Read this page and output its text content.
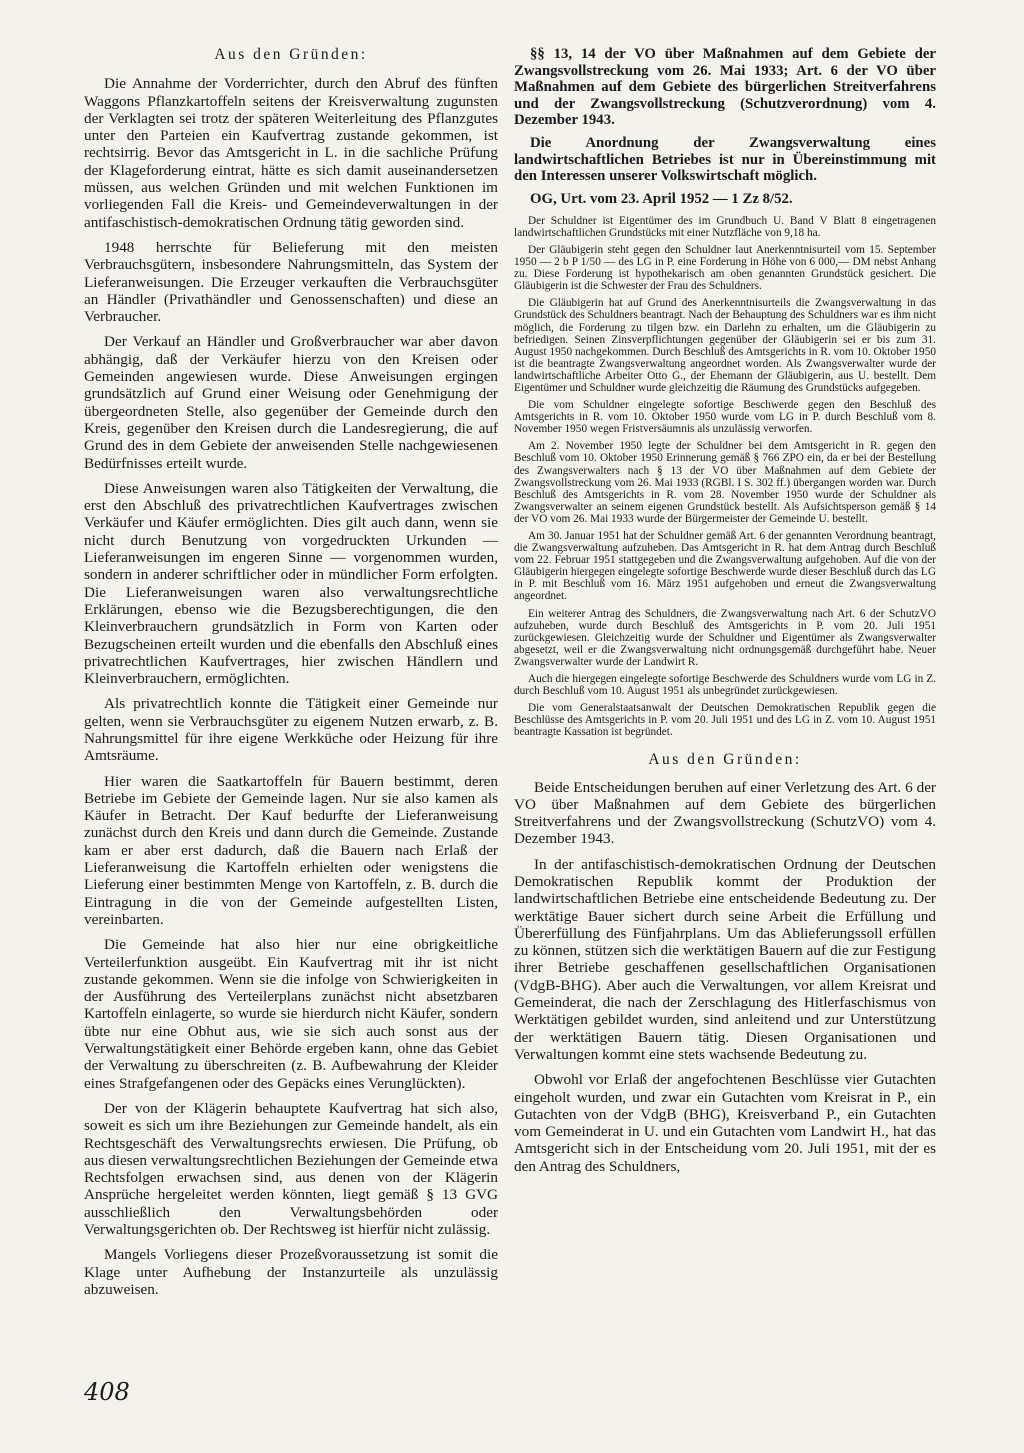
Aus den Gründen:
Die Annahme der Vorderrichter, durch den Abruf des fünften Waggons Pflanzkartoffeln seitens der Kreisverwaltung zugunsten der Verklagten sei trotz der späteren Weiterleitung des Pflanzgutes unter den Parteien ein Kaufvertrag zustande gekommen, ist rechtsirrig. Bevor das Amtsgericht in L. in die sachliche Prüfung der Klageforderung eintrat, hätte es sich damit auseinandersetzen müssen, aus welchen Gründen und mit welchen Funktionen im vorliegenden Fall die Kreis- und Gemeindeverwaltungen in der antifaschistisch-demokratischen Ordnung tätig geworden sind.
1948 herrschte für Belieferung mit den meisten Verbrauchsgütern, insbesondere Nahrungsmitteln, das System der Lieferanweisungen. Die Erzeuger verkauften die Verbrauchsgüter an Händler (Privathändler und Genossenschaften) und diese an Verbraucher.
Der Verkauf an Händler und Großverbraucher war aber davon abhängig, daß der Verkäufer hierzu von den Kreisen oder Gemeinden angewiesen wurde. Diese Anweisungen ergingen grundsätzlich auf Grund einer Weisung oder Genehmigung der übergeordneten Stelle, also gegenüber der Gemeinde durch den Kreis, gegenüber den Kreisen durch die Landesregierung, die auf Grund des in dem Gebiete der anweisenden Stelle nachgewiesenen Bedürfnisses erteilt wurde.
Diese Anweisungen waren also Tätigkeiten der Verwaltung, die erst den Abschluß des privatrechtlichen Kaufvertrages zwischen Verkäufer und Käufer ermöglichten. Dies gilt auch dann, wenn sie nicht durch Benutzung von vorgedruckten Urkunden — Lieferanweisungen im engeren Sinne — vorgenommen wurden, sondern in anderer schriftlicher oder in mündlicher Form erfolgten. Die Lieferanweisungen waren also verwaltungsrechtliche Erklärungen, ebenso wie die Bezugsberechtigungen, die den Kleinverbrauchern grundsätzlich in Form von Karten oder Bezugscheinen erteilt wurden und die ebenfalls den Abschluß eines privatrechtlichen Kaufvertrages, hier zwischen Händlern und Kleinverbrauchern, ermöglichten.
Als privatrechtlich konnte die Tätigkeit einer Gemeinde nur gelten, wenn sie Verbrauchsgüter zu eigenem Nutzen erwarb, z. B. Nahrungsmittel für ihre eigene Werkküche oder Heizung für ihre Amtsräume.
Hier waren die Saatkartoffeln für Bauern bestimmt, deren Betriebe im Gebiete der Gemeinde lagen. Nur sie also kamen als Käufer in Betracht. Der Kauf bedurfte der Lieferanweisung zunächst durch den Kreis und dann durch die Gemeinde. Zustande kam er aber erst dadurch, daß die Bauern nach Erlaß der Lieferanweisung die Kartoffeln erhielten oder wenigstens die Lieferung einer bestimmten Menge von Kartoffeln, z. B. durch die Eintragung in die von der Gemeinde aufgestellten Listen, vereinbarten.
Die Gemeinde hat also hier nur eine obrigkeitliche Verteilerfunktion ausgeübt. Ein Kaufvertrag mit ihr ist nicht zustande gekommen. Wenn sie die infolge von Schwierigkeiten in der Ausführung des Verteilerplans zunächst nicht absetzbaren Kartoffeln einlagerte, so wurde sie hierdurch nicht Käufer, sondern übte nur eine Obhut aus, wie sie sich auch sonst aus der Verwaltungstätigkeit einer Behörde ergeben kann, ohne das Gebiet der Verwaltung zu überschreiten (z. B. Aufbewahrung der Kleider eines Strafgefangenen oder des Gepäcks eines Verunglückten).
Der von der Klägerin behauptete Kaufvertrag hat sich also, soweit es sich um ihre Beziehungen zur Gemeinde handelt, als ein Rechtsgeschäft des Verwaltungsrechts erwiesen. Die Prüfung, ob aus diesen verwaltungsrechtlichen Beziehungen der Gemeinde etwa Rechtsfolgen erwachsen sind, aus denen von der Klägerin Ansprüche hergeleitet werden könnten, liegt gemäß § 13 GVG ausschließlich den Verwaltungsbehörden oder Verwaltungsgerichten ob. Der Rechtsweg ist hierfür nicht zulässig.
Mangels Vorliegens dieser Prozeßvoraussetzung ist somit die Klage unter Aufhebung der Instanzurteile als unzulässig abzuweisen.
§§ 13, 14 der VO über Maßnahmen auf dem Gebiete der Zwangsvollstreckung vom 26. Mai 1933; Art. 6 der VO über Maßnahmen auf dem Gebiete des bürgerlichen Streitverfahrens und der Zwangsvollstreckung (Schutzverordnung) vom 4. Dezember 1943.
Die Anordnung der Zwangsverwaltung eines landwirtschaftlichen Betriebes ist nur in Übereinstimmung mit den Interessen unserer Volkswirtschaft möglich.
OG, Urt. vom 23. April 1952 — 1 Zz 8/52.
Der Schuldner ist Eigentümer des im Grundbuch U. Band V Blatt 8 eingetragenen landwirtschaftlichen Grundstücks mit einer Nutzfläche von 9,18 ha.
Der Gläubigerin steht gegen den Schuldner laut Anerkenntnisurteil vom 15. September 1950 — 2 b P 1/50 — des LG in P. eine Forderung in Höhe von 6 000,— DM nebst Anhang zu. Diese Forderung ist hypothekarisch am oben genannten Grundstück gesichert. Die Gläubigerin ist die Schwester der Frau des Schuldners.
Die Gläubigerin hat auf Grund des Anerkenntnisurteils die Zwangsverwaltung in das Grundstück des Schuldners beantragt. Nach der Behauptung des Schuldners war es ihm nicht möglich, die Forderung zu tilgen bzw. ein Darlehn zu erhalten, um die Gläubigerin zu befriedigen. Seinen Zinsverpflichtungen gegenüber der Gläubigerin sei er bis zum 31. August 1950 nachgekommen. Durch Beschluß des Amtsgerichts in R. vom 10. Oktober 1950 ist die beantragte Zwangsverwaltung angeordnet worden. Als Zwangsverwalter wurde der landwirtschaftliche Arbeiter Otto G., der Ehemann der Gläubigerin, aus U. bestellt. Dem Eigentümer und Schuldner wurde gleichzeitig die Räumung des Grundstücks aufgegeben.
Die vom Schuldner eingelegte sofortige Beschwerde gegen den Beschluß des Amtsgerichts in R. vom 10. Oktober 1950 wurde vom LG in P. durch Beschluß vom 8. November 1950 wegen Fristversäumnis als unzulässig verworfen.
Am 2. November 1950 legte der Schuldner bei dem Amtsgericht in R. gegen den Beschluß vom 10. Oktober 1950 Erinnerung gemäß § 766 ZPO ein, da er bei der Bestellung des Zwangsverwalters nach § 13 der VO über Maßnahmen auf dem Gebiete der Zwangsvollstreckung vom 26. Mai 1933 (RGBl. I S. 302 ff.) übergangen worden war. Durch Beschluß des Amtsgerichts in R. vom 28. November 1950 wurde der Schuldner als Zwangsverwalter an seinem eigenen Grundstück bestellt. Als Aufsichtsperson gemäß § 14 der VO vom 26. Mai 1933 wurde der Bürgermeister der Gemeinde U. bestellt.
Am 30. Januar 1951 hat der Schuldner gemäß Art. 6 der genannten Verordnung beantragt, die Zwangsverwaltung aufzuheben. Das Amtsgericht in R. hat dem Antrag durch Beschluß vom 22. Februar 1951 stattgegeben und die Zwangsverwaltung aufgehoben. Auf die von der Gläubigerin hiergegen eingelegte sofortige Beschwerde wurde dieser Beschluß durch das LG in P. mit Beschluß vom 16. März 1951 aufgehoben und erneut die Zwangsverwaltung angeordnet.
Ein weiterer Antrag des Schuldners, die Zwangsverwaltung nach Art. 6 der SchutzVO aufzuheben, wurde durch Beschluß des Amtsgerichts in P. vom 20. Juli 1951 zurückgewiesen. Gleichzeitig wurde der Schuldner und Eigentümer als Zwangsverwalter abgesetzt, weil er die Zwangsverwaltung nicht ordnungsgemäß durchgeführt habe. Neuer Zwangsverwalter wurde der Landwirt R.
Auch die hiergegen eingelegte sofortige Beschwerde des Schuldners wurde vom LG in Z. durch Beschluß vom 10. August 1951 als unbegründet zurückgewiesen.
Die vom Generalstaatsanwalt der Deutschen Demokratischen Republik gegen die Beschlüsse des Amtsgerichts in P. vom 20. Juli 1951 und des LG in Z. vom 10. August 1951 beantragte Kassation ist begründet.
Aus den Gründen:
Beide Entscheidungen beruhen auf einer Verletzung des Art. 6 der VO über Maßnahmen auf dem Gebiete des bürgerlichen Streitverfahrens und der Zwangsvollstreckung (SchutzVO) vom 4. Dezember 1943.
In der antifaschistisch-demokratischen Ordnung der Deutschen Demokratischen Republik kommt der Produktion der landwirtschaftlichen Betriebe eine entscheidende Bedeutung zu. Der werktätige Bauer sichert durch seine Arbeit die Erfüllung und Übererfüllung des Fünfjahrplans. Um das Ablieferungssoll erfüllen zu können, stützen sich die werktätigen Bauern auf die zur Festigung ihrer Betriebe geschaffenen gesellschaftlichen Organisationen (VdgB-BHG). Aber auch die Verwaltungen, vor allem Kreisrat und Gemeinderat, die nach der Zerschlagung des Hitlerfaschismus von Werktätigen gebildet wurden, sind anleitend und zur Unterstützung der werktätigen Bauern tätig. Diesen Organisationen und Verwaltungen kommt eine stets wachsende Bedeutung zu.
Obwohl vor Erlaß der angefochtenen Beschlüsse vier Gutachten eingeholt wurden, und zwar ein Gutachten vom Kreisrat in P., ein Gutachten von der VdgB (BHG), Kreisverband P., ein Gutachten vom Gemeinderat in U. und ein Gutachten vom Landwirt H., hat das Amtsgericht sich in der Entscheidung vom 20. Juli 1951, mit der es den Antrag des Schuldners,
408
